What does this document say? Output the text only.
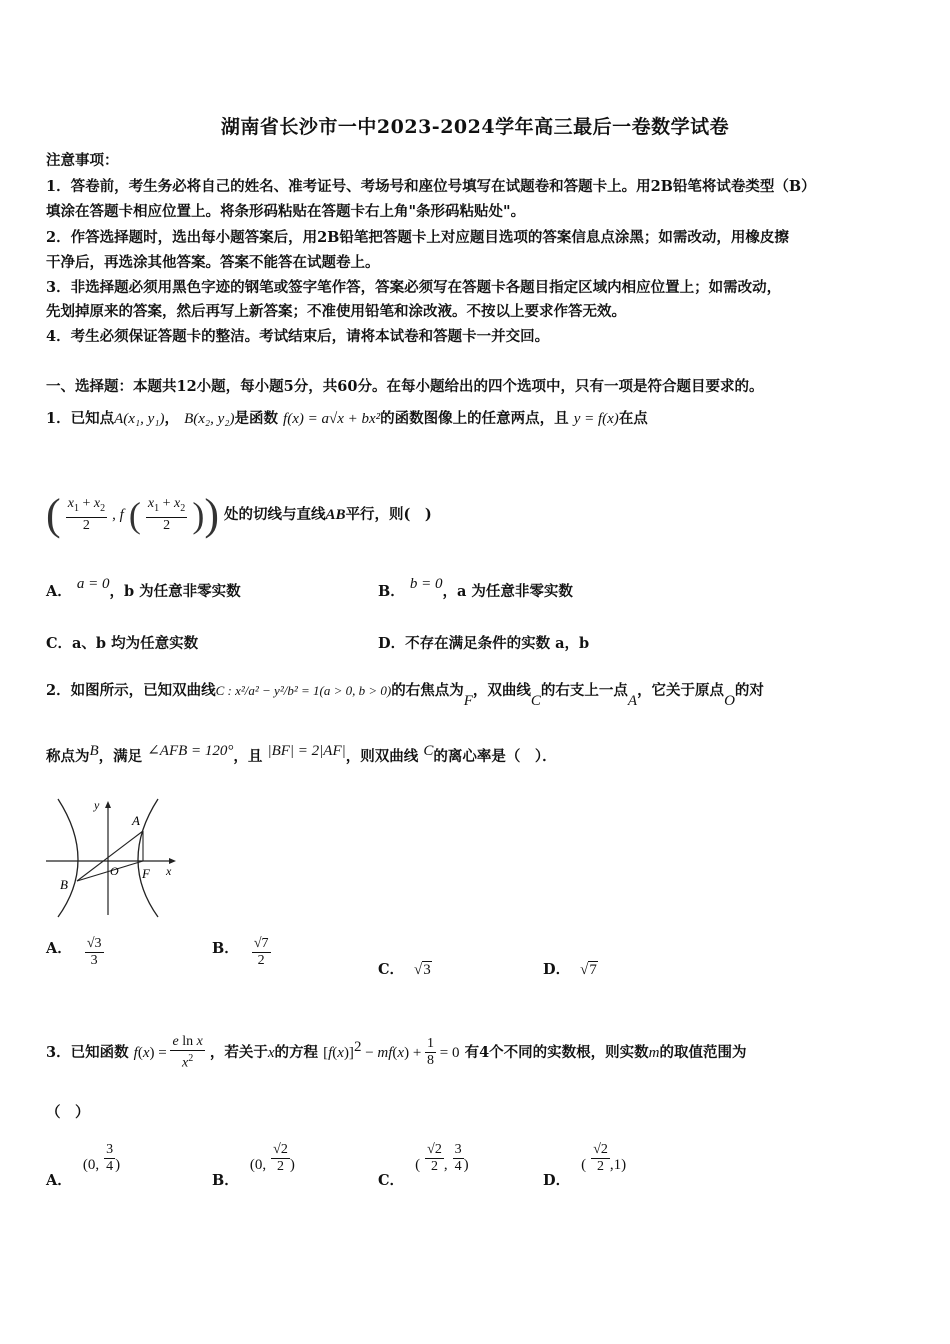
湖南省长沙市一中2023-2024学年高三最后一卷数学试卷
注意事项：
1．答卷前，考生务必将自己的姓名、准考证号、考场号和座位号填写在试题卷和答题卡上。用2B铅笔将试卷类型（B）
填涂在答题卡相应位置上。将条形码粘贴在答题卡右上角"条形码粘贴处"。
2．作答选择题时，选出每小题答案后，用2B铅笔把答题卡上对应题目选项的答案信息点涂黑；如需改动，用橡皮擦
干净后，再选涂其他答案。答案不能答在试题卷上。
3．非选择题必须用黑色字迹的钢笔或签字笔作答，答案必须写在答题卡各题目指定区域内相应位置上；如需改动，
先划掉原来的答案，然后再写上新答案；不准使用铅笔和涂改液。不按以上要求作答无效。
4．考生必须保证答题卡的整洁。考试结束后，请将本试卷和答题卡一并交回。
一、选择题：本题共12小题，每小题5分，共60分。在每小题给出的四个选项中，只有一项是符合题目要求的。
1．已知点A(x₁, y₁)， B(x₂, y₂)是函数 f(x) = a√x + bx²的函数图像上的任意两点，且 y = f(x)在点
( $\frac{x_1 + x_2}{2}$ , f ( $\frac{x_1 + x_2}{2}$ )) 处的切线与直线AB平行，则(　)
A． a = 0，b 为任意非零实数	B． b = 0，a 为任意非零实数
C．a、b 均为任意实数	D．不存在满足条件的实数 a，b
2．如图所示，已知双曲线C : x²/a² − y²/b² = 1(a > 0, b > 0)的右焦点为F，双曲线C的右支上一点A，它关于原点O的对
称点为B，满足 ∠AFB = 120°，且 |BF| = 2|AF|，则双曲线 C的离心率是（　）．
y
A
O F x
B
A． $\frac{√3}{3}$	B． $\frac{√7}{2}$
C． √3	D． √7
3．已知函数 $f(x) = \frac{\text{e ln x}}{x^2}$ ，若关于x的方程 $[f(x)]^2 - mf(x) + \frac{1}{8} = 0$ 有4个不同的实数根，则实数m的取值范围为
（　）
A． (0, $\frac{3}{4}$ )
B． (0, $\frac{√2}{2}$ )
C． ( $\frac{√2}{2}$ , $\frac{3}{4}$ )
D． ( $\frac{√2}{2} ,1$)
